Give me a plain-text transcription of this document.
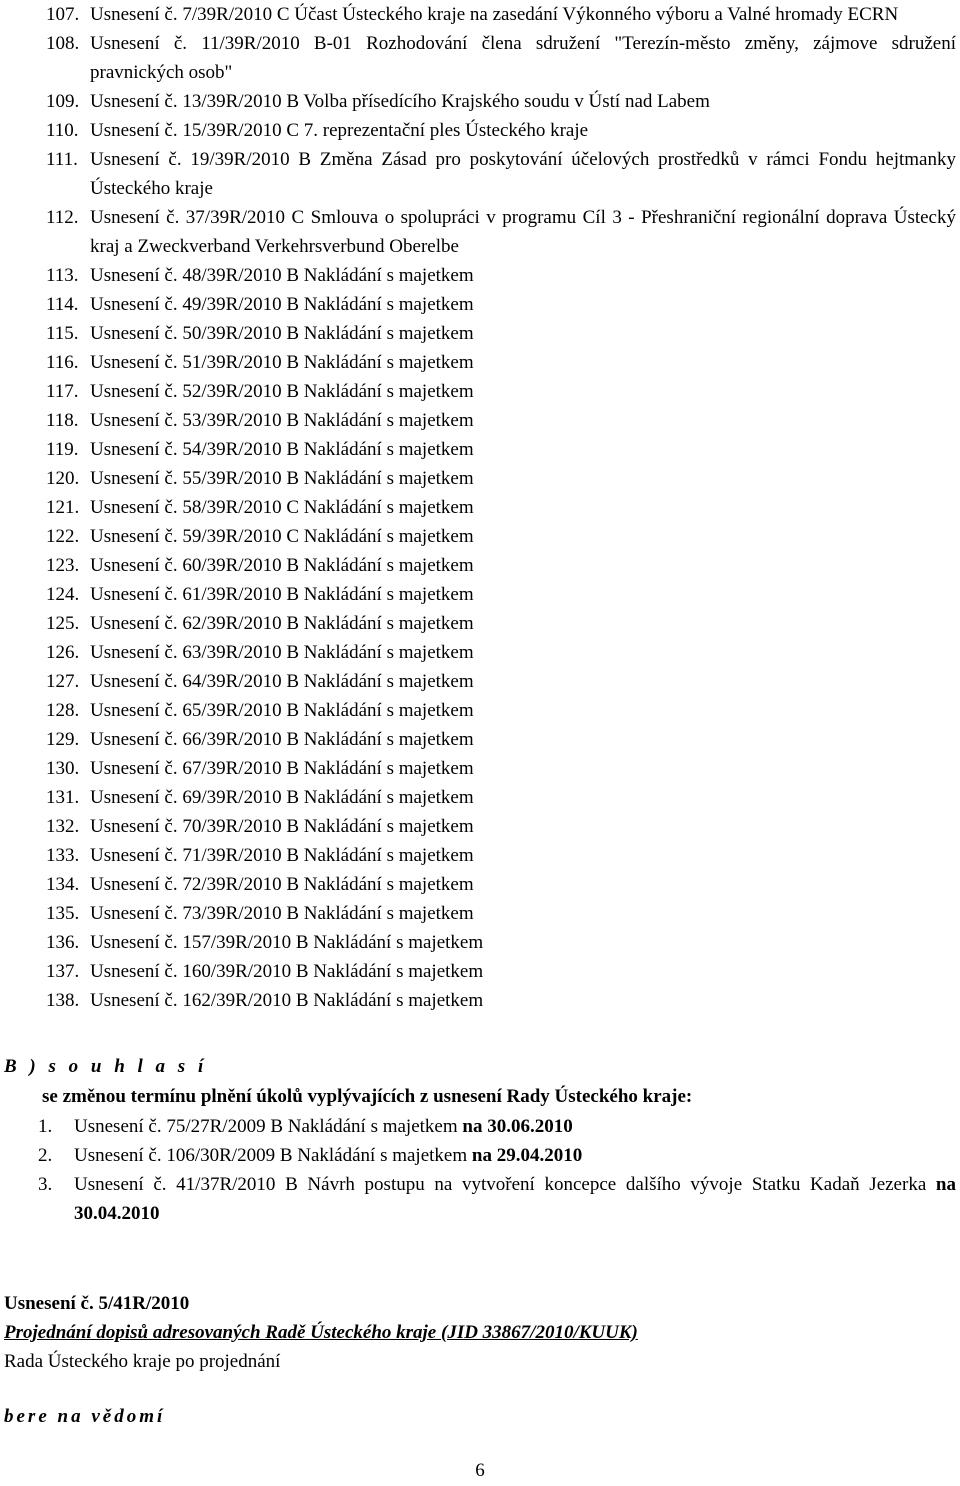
107. Usnesení č. 7/39R/2010 C Účast Ústeckého kraje na zasedání Výkonného výboru a Valné hromady ECRN
108. Usnesení č. 11/39R/2010 B-01 Rozhodování člena sdružení "Terezín-město změny, zájmove sdružení pravnických osob"
109. Usnesení č. 13/39R/2010 B Volba přísedícího Krajského soudu v Ústí nad Labem
110. Usnesení č. 15/39R/2010 C 7. reprezentační ples Ústeckého kraje
111. Usnesení č. 19/39R/2010 B Změna Zásad pro poskytování účelových prostředků v rámci Fondu hejtmanky Ústeckého kraje
112. Usnesení č. 37/39R/2010 C Smlouva o spolupráci v programu Cíl 3 - Přeshraniční regionální doprava Ústecký kraj a Zweckverband Verkehrsverbund Oberelbe
113. Usnesení č. 48/39R/2010 B Nakládání s majetkem
114. Usnesení č. 49/39R/2010 B Nakládání s majetkem
115. Usnesení č. 50/39R/2010 B Nakládání s majetkem
116. Usnesení č. 51/39R/2010 B Nakládání s majetkem
117. Usnesení č. 52/39R/2010 B Nakládání s majetkem
118. Usnesení č. 53/39R/2010 B Nakládání s majetkem
119. Usnesení č. 54/39R/2010 B Nakládání s majetkem
120. Usnesení č. 55/39R/2010 B Nakládání s majetkem
121. Usnesení č. 58/39R/2010 C Nakládání s majetkem
122. Usnesení č. 59/39R/2010 C Nakládání s majetkem
123. Usnesení č. 60/39R/2010 B Nakládání s majetkem
124. Usnesení č. 61/39R/2010 B Nakládání s majetkem
125. Usnesení č. 62/39R/2010 B Nakládání s majetkem
126. Usnesení č. 63/39R/2010 B Nakládání s majetkem
127. Usnesení č. 64/39R/2010 B Nakládání s majetkem
128. Usnesení č. 65/39R/2010 B Nakládání s majetkem
129. Usnesení č. 66/39R/2010 B Nakládání s majetkem
130. Usnesení č. 67/39R/2010 B Nakládání s majetkem
131. Usnesení č. 69/39R/2010 B Nakládání s majetkem
132. Usnesení č. 70/39R/2010 B Nakládání s majetkem
133. Usnesení č. 71/39R/2010 B Nakládání s majetkem
134. Usnesení č. 72/39R/2010 B Nakládání s majetkem
135. Usnesení č. 73/39R/2010 B Nakládání s majetkem
136. Usnesení č. 157/39R/2010 B Nakládání s majetkem
137. Usnesení č. 160/39R/2010 B Nakládání s majetkem
138. Usnesení č. 162/39R/2010 B Nakládání s majetkem
B ) s o u h l a s í
se změnou termínu plnění úkolů vyplývajících z usnesení Rady Ústeckého kraje:
1.	Usnesení č. 75/27R/2009 B Nakládání s majetkem na 30.06.2010
2.	Usnesení č. 106/30R/2009 B Nakládání s majetkem na 29.04.2010
3.	Usnesení č. 41/37R/2010 B Návrh postupu na vytvoření koncepce dalšího vývoje Statku Kadaň Jezerka na 30.04.2010
Usnesení č. 5/41R/2010
Projednání dopisů adresovaných Radě Ústeckého kraje (JID 33867/2010/KUUK)
Rada Ústeckého kraje po projednání
bere na vědomí
6
